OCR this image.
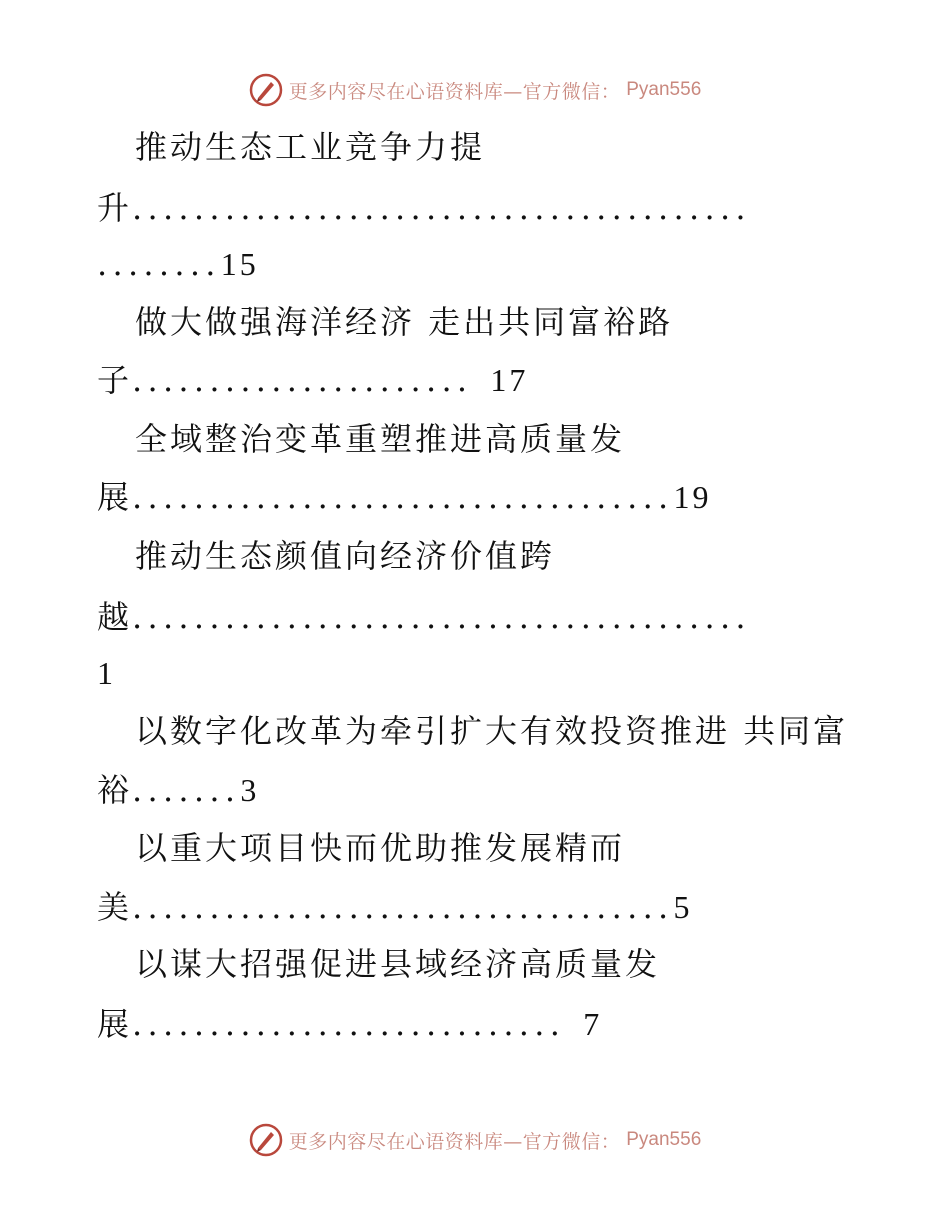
更多内容尽在心语资料库—官方微信： Pyan556
推动生态工业竞争力提
升........................................
........15
做大做强海洋经济 走出共同富裕路
子...................... 17
全域整治变革重塑推进高质量发
展...................................19
推动生态颜值向经济价值跨
越........................................
1
以数字化改革为牵引扩大有效投资推进 共同富
裕.......3
以重大项目快而优助推发展精而
美...................................5
以谋大招强促进县域经济高质量发
展............................ 7
更多内容尽在心语资料库—官方微信： Pyan556
